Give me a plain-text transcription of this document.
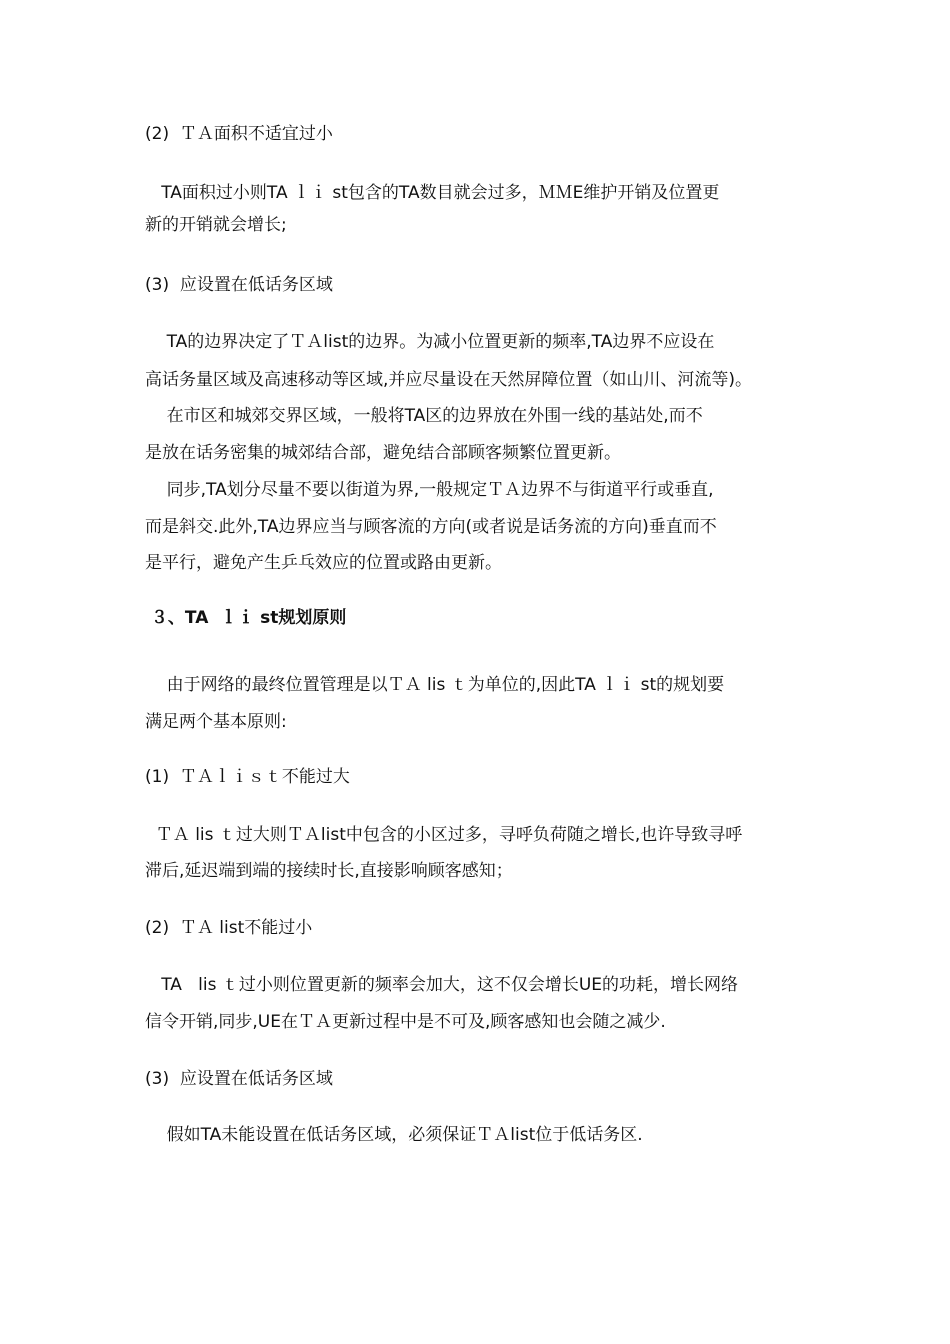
(2)  ＴＡ面积不适宜过小
TA面积过小则TA ｌｉ st包含的TA数目就会过多，ＭＭE维护开销及位置更
新的开销就会增长;
(3)  应设置在低话务区域
TA的边界决定了ＴＡlist的边界。为减小位置更新的频率,TA边界不应设在
高话务量区域及高速移动等区域,并应尽量设在天然屏障位置（如山川、河流等)。
在市区和城郊交界区域，一般将TA区的边界放在外围一线的基站处,而不
是放在话务密集的城郊结合部，避免结合部顾客频繁位置更新。
同步,TA划分尽量不要以街道为界,一般规定ＴＡ边界不与街道平行或垂直,
而是斜交.此外,TA边界应当与顾客流的方向(或者说是话务流的方向)垂直而不
是平行，避免产生乒乓效应的位置或路由更新。
３、TA  ｌｉ st规划原则
由于网络的最终位置管理是以ＴＡ lis ｔ为单位的,因此TA ｌｉ st的规划要
满足两个基本原则:
(1)  ＴＡｌｉｓｔ不能过大
ＴＡ lis ｔ过大则ＴＡlist中包含的小区过多，寻呼负荷随之增长,也许导致寻呼
滞后,延迟端到端的接续时长,直接影响顾客感知；
(2)  ＴＡ list不能过小
TA   lis ｔ过小则位置更新的频率会加大，这不仅会增长UE的功耗，增长网络
信令开销,同步,UE在ＴＡ更新过程中是不可及,顾客感知也会随之减少.
(3)  应设置在低话务区域
假如TA未能设置在低话务区域，必须保证ＴＡlist位于低话务区.
